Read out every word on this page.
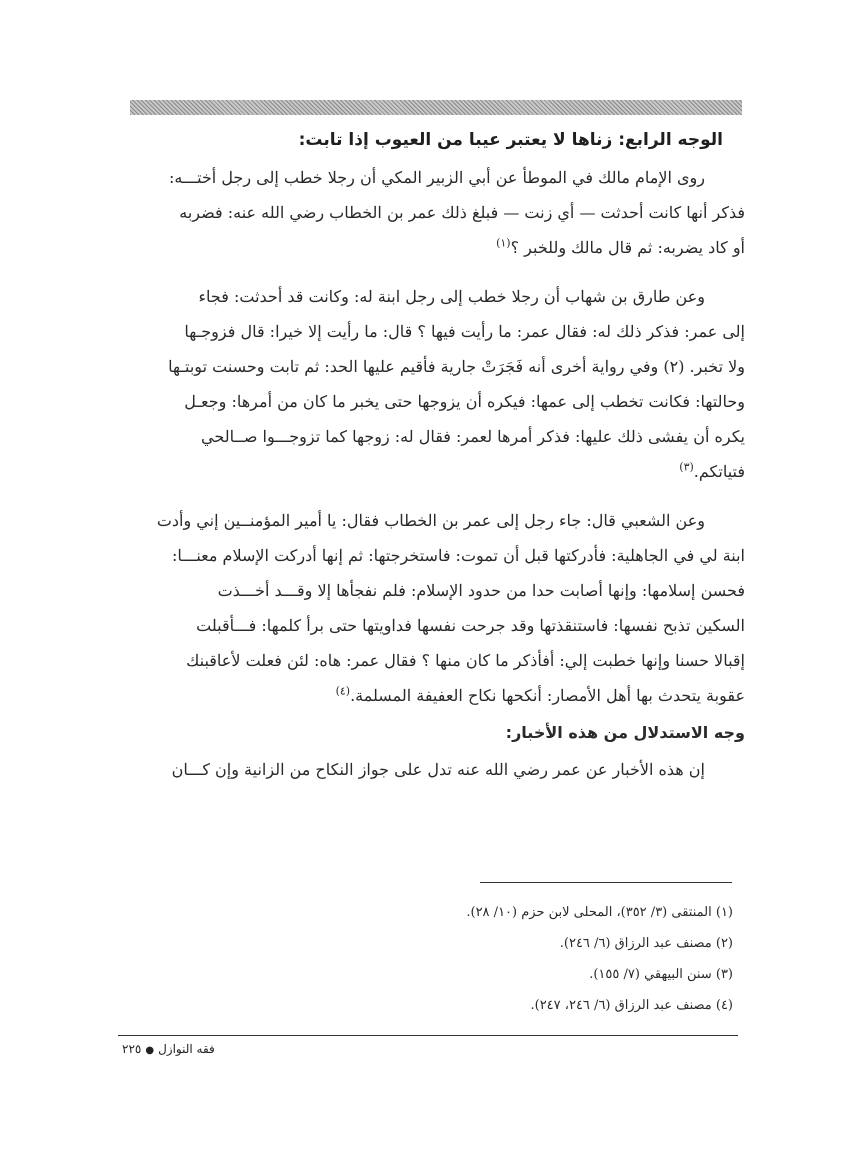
الوجه الرابع: زناها لا يعتبر عيبا من العيوب إذا تابت:

روى الإمام مالك في الموطأ عن أبي الزبير المكي أن رجلا خطب إلى رجل أختـــه:

فذكر أنها كانت أحدثت — أي زنت — فبلغ ذلك عمر بن الخطاب رضي الله عنه: فضربه

أو كاد يضربه: ثم قال مالك وللخبر ؟$^{(١)}$

وعن طارق بن شهاب أن رجلا خطب إلى رجل ابنة له: وكانت قد أحدثت: فجاء

إلى عمر: فذكر ذلك له: فقال عمر: ما رأيت فيها ؟ قال: ما رأيت إلا خيرا: قال فزوجـها

ولا تخبر. (٢) وفي رواية أخرى أنه فَجَرَتْ جارية فأقيم عليها الحد: ثم تابت وحسنت توبتـها

وحالتها: فكانت تخطب إلى عمها: فيكره أن يزوجها حتى يخبر ما كان من أمرها: وجعـل

يكره أن يفشى ذلك عليها: فذكر أمرها لعمر: فقال له: زوجها كما تزوجـــوا صــالحي

فتياتكم.$^{(٣)}$

وعن الشعبي قال: جاء رجل إلى عمر بن الخطاب فقال: يا أمير المؤمنــين إني وأدت

ابنة لي في الجاهلية: فأدركتها قبل أن تموت: فاستخرجتها: ثم إنها أدركت الإسلام معنـــا:

فحسن إسلامها: وإنها أصابت حدا من حدود الإسلام: فلم نفجأها إلا وقـــد أخـــذت

السكين تذبح نفسها: فاستنقذتها وقد جرحت نفسها فداويتها حتى برأ كلمها: فـــأقبلت

إقبالا حسنا وإنها خطبت إلي: أفأذكر ما كان منها ؟ فقال عمر: هاه: لئن فعلت لأعاقبنك

عقوبة يتحدث بها أهل الأمصار: أنكحها نكاح العفيفة المسلمة.$^{(٤)}$

وجه الاستدلال من هذه الأخبار:

إن هذه الأخبار عن عمر رضي الله عنه تدل على جواز النكاح من الزانية وإن كـــان

(١) المنتقى (٣/ ٣٥٢)، المحلى لابن حزم (١٠/ ٢٨).
(٢) مصنف عبد الرزاق (٦/ ٢٤٦).
(٣) سنن البيهقي (٧/ ١٥٥).
(٤) مصنف عبد الرزاق (٦/ ٢٤٦، ٢٤٧).
فقه النوازل●٢٢٥
